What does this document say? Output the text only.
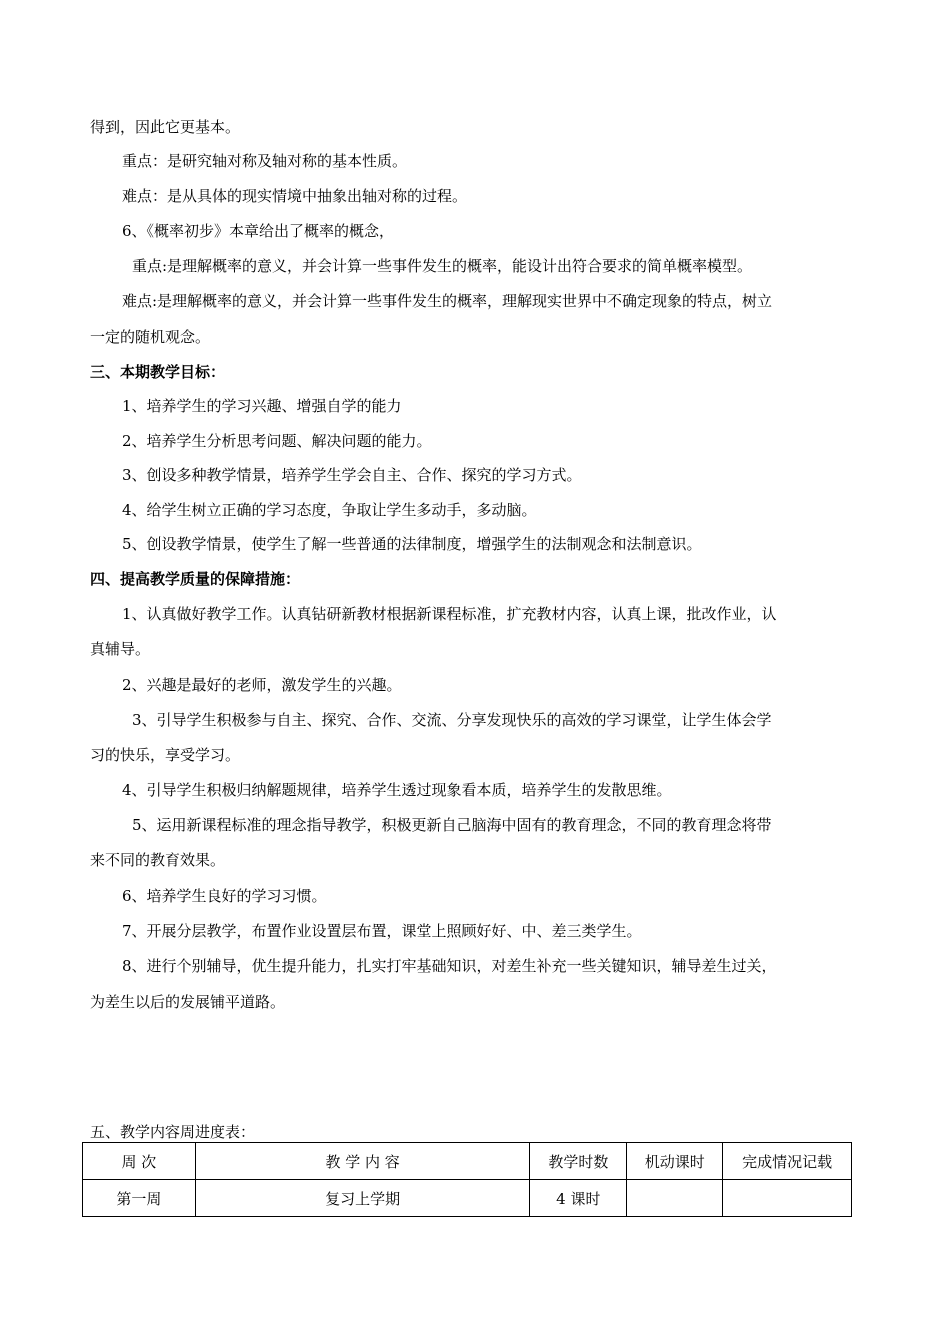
得到，因此它更基本。
重点：是研究轴对称及轴对称的基本性质。
难点：是从具体的现实情境中抽象出轴对称的过程。
6、《概率初步》本章给出了概率的概念，
重点:是理解概率的意义，并会计算一些事件发生的概率，能设计出符合要求的简单概率模型。
难点:是理解概率的意义，并会计算一些事件发生的概率，理解现实世界中不确定现象的特点，树立
一定的随机观念。
三、本期教学目标：
1、培养学生的学习兴趣、增强自学的能力
2、培养学生分析思考问题、解决问题的能力。
3、创设多种教学情景，培养学生学会自主、合作、探究的学习方式。
4、给学生树立正确的学习态度，争取让学生多动手，多动脑。
5、创设教学情景，使学生了解一些普通的法律制度，增强学生的法制观念和法制意识。
四、提高教学质量的保障措施：
1、认真做好教学工作。认真钻研新教材根据新课程标准，扩充教材内容，认真上课，批改作业，认
真辅导。
2、兴趣是最好的老师，激发学生的兴趣。
3、引导学生积极参与自主、探究、合作、交流、分享发现快乐的高效的学习课堂，让学生体会学
习的快乐，享受学习。
4、引导学生积极归纳解题规律，培养学生透过现象看本质，培养学生的发散思维。
5、运用新课程标准的理念指导教学，积极更新自己脑海中固有的教育理念，不同的教育理念将带
来不同的教育效果。
6、培养学生良好的学习习惯。
7、开展分层教学，布置作业设置层布置，课堂上照顾好好、中、差三类学生。
8、进行个别辅导，优生提升能力，扎实打牢基础知识，对差生补充一些关键知识，辅导差生过关，
为差生以后的发展铺平道路。
五、教学内容周进度表：
周 次	教 学 内 容	教学时数	机动课时	完成情况记载
第一周	复习上学期	4 课时		
